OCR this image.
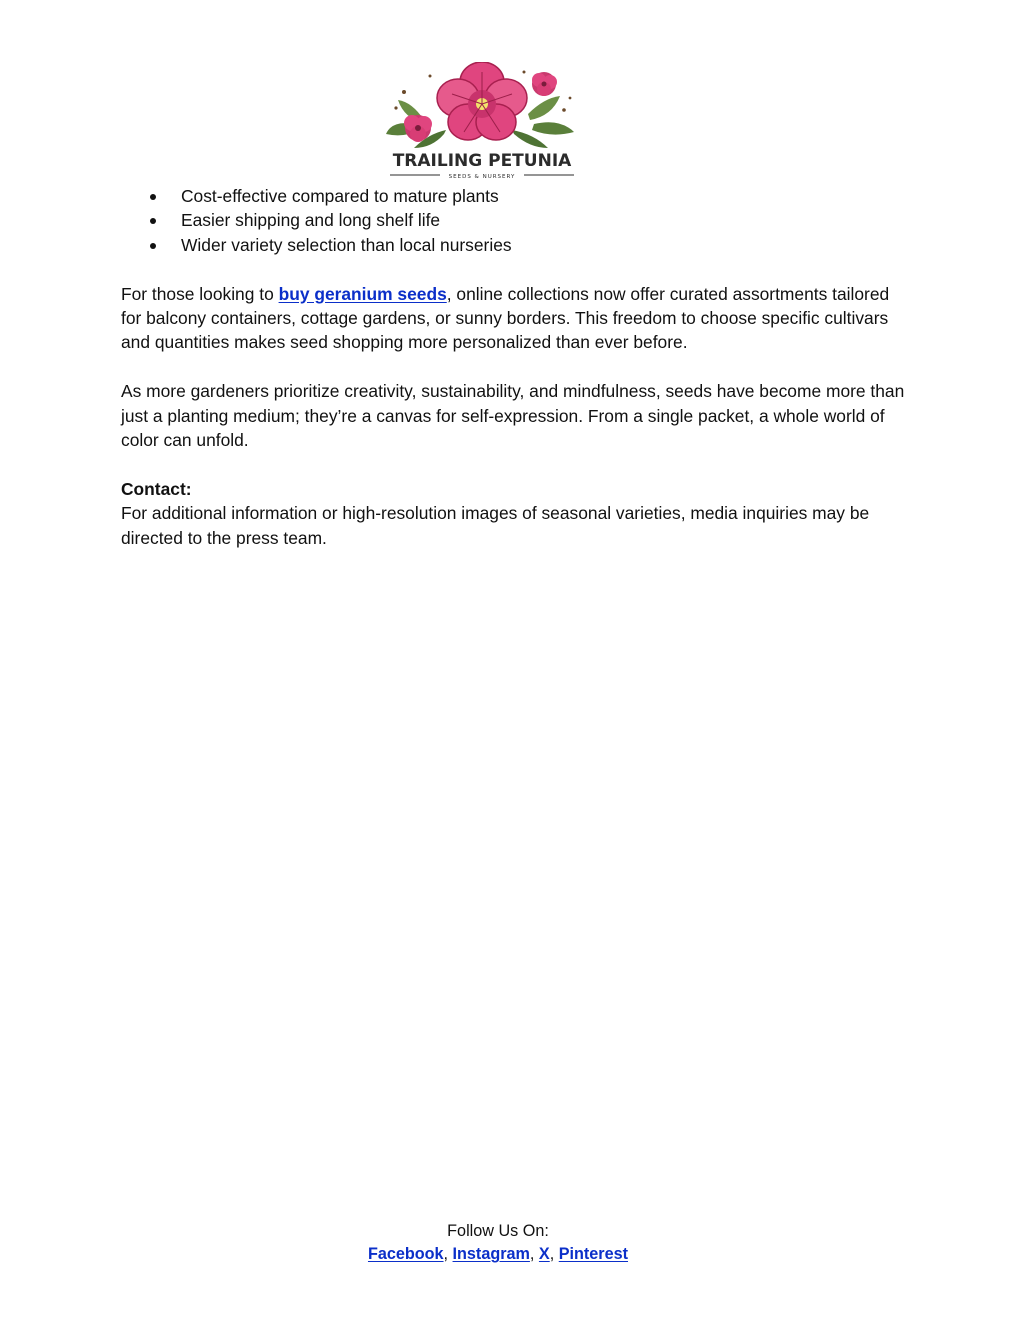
TRAILING PETUNIA
SEEDS & NURSERY
Cost-effective compared to mature plants
Easier shipping and long shelf life
Wider variety selection than local nurseries

For those looking to buy geranium seeds, online collections now offer curated assortments tailored for balcony containers, cottage gardens, or sunny borders. This freedom to choose specific cultivars and quantities makes seed shopping more personalized than ever before.

As more gardeners prioritize creativity, sustainability, and mindfulness, seeds have become more than just a planting medium; they’re a canvas for self-expression. From a single packet, a whole world of color can unfold.

Contact:

For additional information or high-resolution images of seasonal varieties, media inquiries may be directed to the press team.

Follow Us On:
Facebook, Instagram, X, Pinterest
